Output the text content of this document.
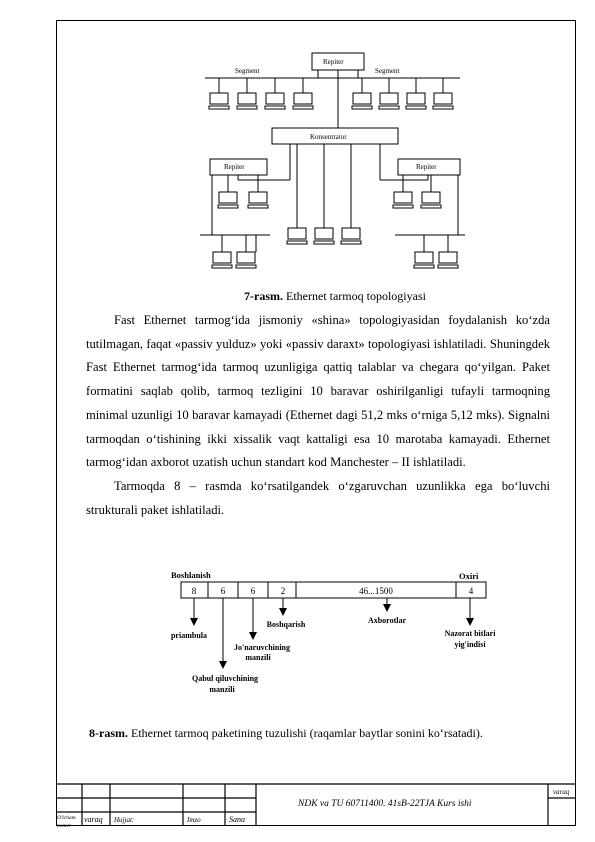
Repiter
Segment	Segment
Konsentrator
Repiter	Repiter
Boshlanish	Oxiri
8	6	6	2	46...1500	4
priambula
Qabul qiluvchining
manzili
Jo'naruvchining
manzili
Boshqarish	Axborotlar
Nazorat bitlari
yig'indisi
7-rasm. Ethernet tarmoq topologiyasi

Fast Ethernet tarmog‘ida jismoniy «shina» topologiyasidan foydalanish ko‘zda tutilmagan, faqat «passiv yulduz» yoki «passiv daraxt» topologiyasi ishlatiladi. Shuningdek Fast Ethernet tarmog‘ida tarmoq uzunligiga qattiq talablar va chegara qo‘yilgan. Paket formatini saqlab qolib, tarmoq tezligini 10 baravar oshirilganligi tufayli tarmoqning minimal uzunligi 10 baravar kamayadi (Ethernet dagi 51,2 mks o‘rniga 5,12 mks). Signalni tarmoqdan o‘tishining ikki xissalik vaqt kattaligi esa 10 marotaba kamayadi. Ethernet tarmog‘idan axborot uzatish uchun standart kod Manchester – II ishlatiladi.

Tarmoqda 8 – rasmda ko‘rsatilgandek o‘zgaruvchan uzunlikka ega bo‘luvchi strukturali paket ishlatiladi.

8-rasm. Ethernet tarmoq paketining tuzulishi (raqamlar baytlar sonini ko‘rsatadi).
O'lcham
nomer
varaq Hujjat:	Imzo	Sana
NDK va TU 60711400. 41sB-22TJA Kurs ishi
varaq
